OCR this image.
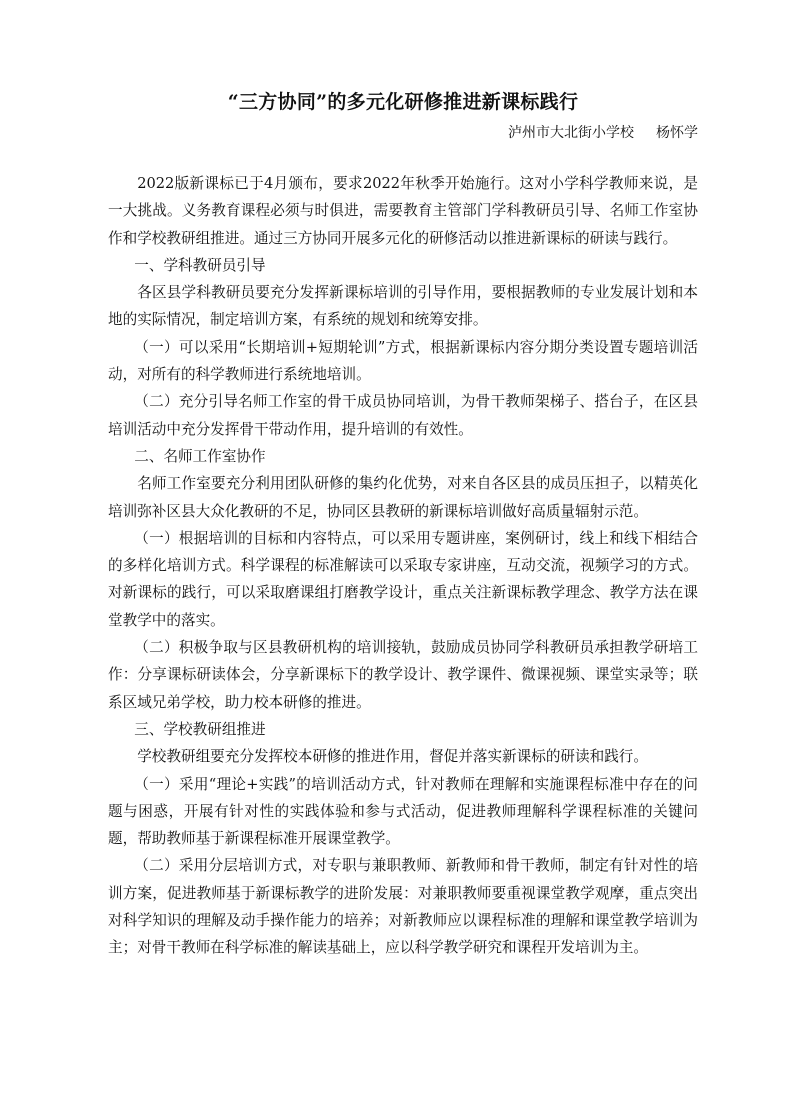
“三方协同”的多元化研修推进新课标践行
泸州市大北街小学校 杨怀学

2022版新课标已于4月颁布，要求2022年秋季开始施行。这对小学科学教师来说，是一大挑战。义务教育课程必须与时俱进，需要教育主管部门学科教研员引导、名师工作室协作和学校教研组推进。通过三方协同开展多元化的研修活动以推进新课标的研读与践行。

一、学科教研员引导

各区县学科教研员要充分发挥新课标培训的引导作用，要根据教师的专业发展计划和本地的实际情况，制定培训方案，有系统的规划和统筹安排。

（一）可以采用“长期培训+短期轮训”方式，根据新课标内容分期分类设置专题培训活动，对所有的科学教师进行系统地培训。

（二）充分引导名师工作室的骨干成员协同培训，为骨干教师架梯子、搭台子，在区县培训活动中充分发挥骨干带动作用，提升培训的有效性。

二、名师工作室协作

名师工作室要充分利用团队研修的集约化优势，对来自各区县的成员压担子，以精英化培训弥补区县大众化教研的不足，协同区县教研的新课标培训做好高质量辐射示范。

（一）根据培训的目标和内容特点，可以采用专题讲座，案例研讨，线上和线下相结合的多样化培训方式。科学课程的标准解读可以采取专家讲座，互动交流，视频学习的方式。对新课标的践行，可以采取磨课组打磨教学设计，重点关注新课标教学理念、教学方法在课堂教学中的落实。

（二）积极争取与区县教研机构的培训接轨，鼓励成员协同学科教研员承担教学研培工作：分享课标研读体会，分享新课标下的教学设计、教学课件、微课视频、课堂实录等；联系区域兄弟学校，助力校本研修的推进。

三、学校教研组推进

学校教研组要充分发挥校本研修的推进作用，督促并落实新课标的研读和践行。

（一）采用“理论+实践”的培训活动方式，针对教师在理解和实施课程标准中存在的问题与困惑，开展有针对性的实践体验和参与式活动，促进教师理解科学课程标准的关键问题，帮助教师基于新课程标准开展课堂教学。

（二）采用分层培训方式，对专职与兼职教师、新教师和骨干教师，制定有针对性的培训方案，促进教师基于新课标教学的进阶发展：对兼职教师要重视课堂教学观摩，重点突出对科学知识的理解及动手操作能力的培养；对新教师应以课程标准的理解和课堂教学培训为主；对骨干教师在科学标准的解读基础上，应以科学教学研究和课程开发培训为主。
